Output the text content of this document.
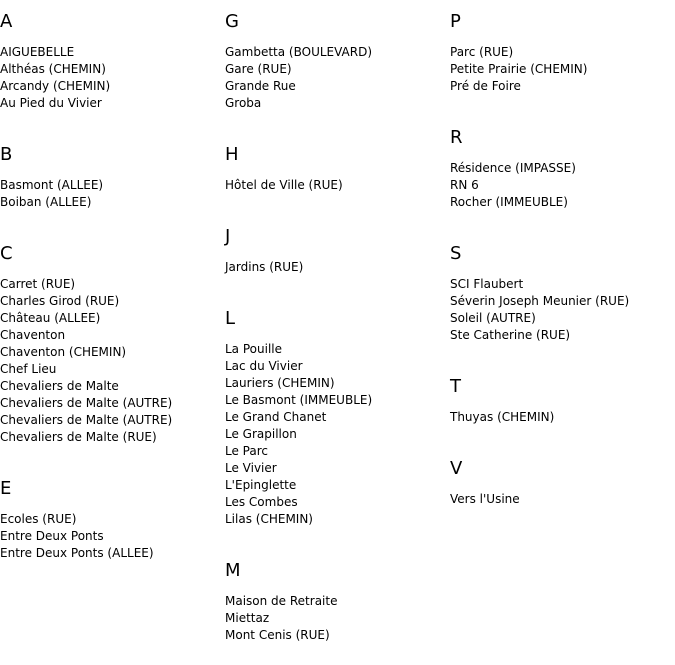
A
AIGUEBELLE
Althéas (CHEMIN)
Arcandy (CHEMIN)
Au Pied du Vivier
B
Basmont (ALLEE)
Boiban (ALLEE)
C
Carret (RUE)
Charles Girod (RUE)
Château (ALLEE)
Chaventon
Chaventon (CHEMIN)
Chef Lieu
Chevaliers de Malte
Chevaliers de Malte (AUTRE)
Chevaliers de Malte (AUTRE)
Chevaliers de Malte (RUE)
E
Ecoles (RUE)
Entre Deux Ponts
Entre Deux Ponts (ALLEE)
G
Gambetta (BOULEVARD)
Gare (RUE)
Grande Rue
Groba
H
Hôtel de Ville (RUE)
J
Jardins (RUE)
L
La Pouille
Lac du Vivier
Lauriers (CHEMIN)
Le Basmont (IMMEUBLE)
Le Grand Chanet
Le Grapillon
Le Parc
Le Vivier
L'Epinglette
Les Combes
Lilas (CHEMIN)
M
Maison de Retraite
Miettaz
Mont Cenis (RUE)
P
Parc (RUE)
Petite Prairie (CHEMIN)
Pré de Foire
R
Résidence (IMPASSE)
RN 6
Rocher (IMMEUBLE)
S
SCI Flaubert
Séverin Joseph Meunier (RUE)
Soleil (AUTRE)
Ste Catherine (RUE)
T
Thuyas (CHEMIN)
V
Vers l'Usine
